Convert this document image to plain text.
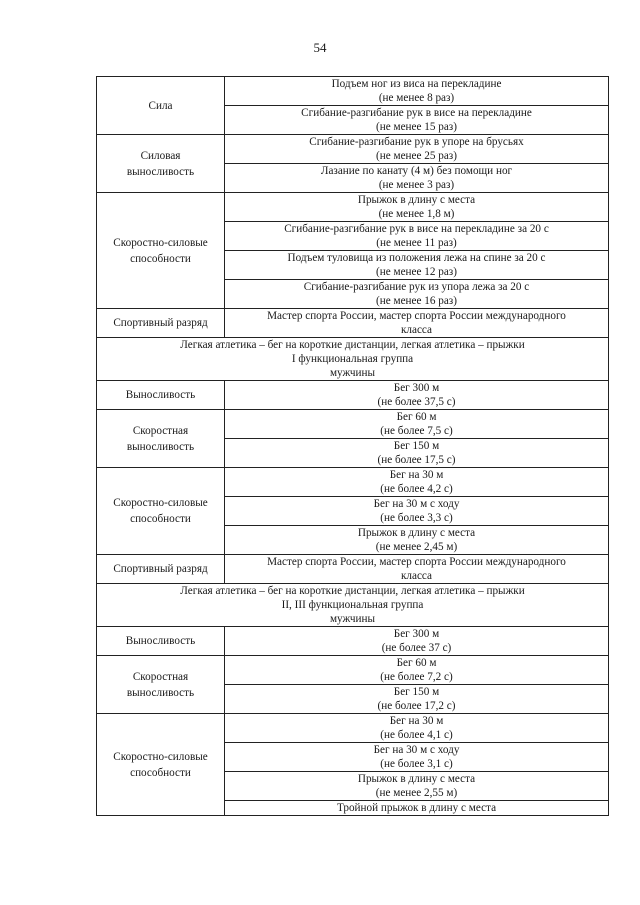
54
Сила	Подъем ног из виса на перекладине
(не менее 8 раз)

	Сгибание-разгибание рук в висе на перекладине
(не менее 15 раз)

Силовая
выносливость	Сгибание-разгибание рук в упоре на брусьях
(не менее 25 раз)

	Лазание по канату (4 м) без помощи ног
(не менее 3 раз)

Скоростно-силовые
способности	Прыжок в длину с места
(не менее 1,8 м)

	Сгибание-разгибание рук в висе на перекладине за 20 с
(не менее 11 раз)

	Подъем туловища из положения лежа на спине за 20 с
(не менее 12 раз)

	Сгибание-разгибание рук из упора лежа за 20 с
(не менее 16 раз)

Спортивный разряд	Мастер спорта России, мастер спорта России международного
класса

Легкая атлетика – бег на короткие дистанции, легкая атлетика – прыжки
I функциональная группа
мужчины	

Выносливость	Бег 300 м
(не более 37,5 с)

Скоростная
выносливость	Бег 60 м
(не более 7,5 с)

	Бег 150 м
(не более 17,5 с)

Скоростно-силовые
способности	Бег на 30 м
(не более 4,2 с)

	Бег на 30 м с ходу
(не более 3,3 с)

	Прыжок в длину с места
(не менее 2,45 м)

Спортивный разряд	Мастер спорта России, мастер спорта России международного
класса

Легкая атлетика – бег на короткие дистанции, легкая атлетика – прыжки
II, III функциональная группа
мужчины	

Выносливость	Бег 300 м
(не более 37 с)

Скоростная
выносливость	Бег 60 м
(не более 7,2 с)

	Бег 150 м
(не более 17,2 с)

Скоростно-силовые
способности	Бег на 30 м
(не более 4,1 с)

	Бег на 30 м с ходу
(не более 3,1 с)

	Прыжок в длину с места
(не менее 2,55 м)

	Тройной прыжок в длину с места
